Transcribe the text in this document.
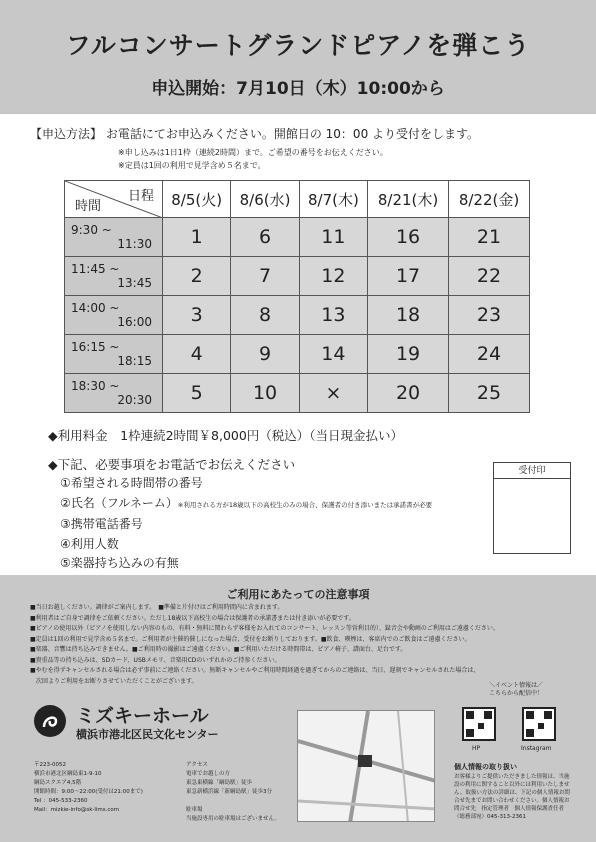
フルコンサートグランドピアノを弾こう
申込開始：7月10日（木）10:00から
【申込方法】 お電話にてお申込みください。開館日の 10：00 より受付をします。
※申し込みは1日1枠（連続2時間）まで。ご希望の番号をお伝えください。
※定員は1回の利用で見学含め５名まで。
日程
時間	8/5(火)	8/6(水)	8/7(木)	8/21(木)	8/22(金)
9:30 ~
11:30	1	6	11	16	21
11:45 ~
13:45	2	7	12	17	22
14:00 ~
16:00	3	8	13	18	23
16:15 ~
18:15	4	9	14	19	24
18:30 ~
20:30	5	10	×	20	25
◆利用料金　1枠連続2時間￥8,000円（税込）（当日現金払い）
◆下記、必要事項をお電話でお伝えください
①希望される時間帯の番号
②氏名（フルネーム）※利用される方が18歳以下の高校生のみの場合、保護者の付き添いまたは承諾書が必要
③携帯電話番号
④利用人数
⑤楽器持ち込みの有無
受付印
ご利用にあたっての注意事項
■当日お越しください。調律がご案内します。　■準備と片付けはご利用時間内に含まれます。
■利用者はご自身で調律をご依頼ください。ただし18歳以下高校生の場合は保護者の承諾書または付き添いが必要です。
■ピアノの使用以外（ピアノを使用しない内容のもの、有料・無料に関わらず客様をお入れてのコンサート、レッスン等営利目的）、録音会や動画のご利用はご遠慮ください。
■定員は1回の利用で見学含め５名まで。ご利用者が主催的催しになった場合、受付をお断りしております。■飲食、喫煙は、客席内でのご飲食はご遠慮ください。
■楽器、音響は持ち込みできません。■ご利用時の撮影はご遠慮ください。■ご利用いただける時間帯は、ピアノ椅子、譜面台、足台です。
■貴重品等の持ち込みは、SDカード、USBメモリ、音楽用CDのいずれかのご持参ください。
■やむを得ずキャンセルされる場合は必ず事前にご連絡ください。無断キャンセルやご利用時間経過を過ぎてからのご連絡は、当日、遅刻でキャンセルされた場合は、
　次回よりご利用をお断りさせていただくことがございます。
ミズキーホール
横浜市港北区民文化センター
〒223-0052
横浜市港北区綱島東1-9-10
綱島スクエア4,5階
開館時間：9:00～22:00(受付は21:00まで)
Tel ：045-533-2360
Mail：mizkie-info@sk-lims.com
アクセス
電車でお越しの方
東急東横線「綱島駅」徒歩
東急新横浜線「新綱島駅」徒歩3分

駐車場
当施設専用の駐車場はございません。
＼イベント情報は／
こちらから配信中！
HP	Instagram
個人情報の取り扱い
お客様よりご提供いただきました情報は、当施設の利用に関すること以外には利用いたしません。取扱い方法の詳細は、下記の個人情報お問合せ先までお問い合わせください。個人情報お問合せ先　指定管理者　個人情報保護責任者（総務部宛）045-313-2361
